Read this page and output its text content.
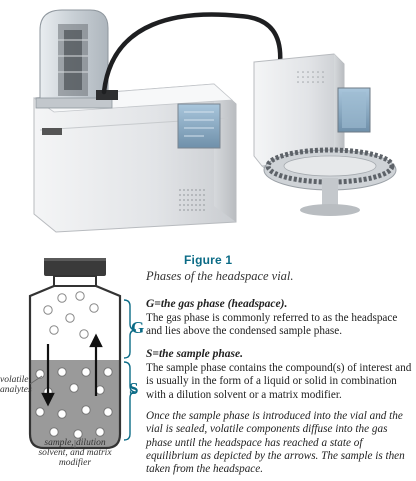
G
S
volatile analytes
sample, dilution solvent, and matrix modifier
Figure 1
Phases of the headspace vial.
G=the gas phase (headspace).
The gas phase is commonly referred to as the headspace and lies above the condensed sample phase.
S=the sample phase.
The sample phase contains the compound(s) of interest and is usually in the form of a liquid or solid in combination with a dilution solvent or a matrix modifier.
Once the sample phase is introduced into the vial and the vial is sealed, volatile components diffuse into the gas phase until the headspace has reached a state of equilibrium as depicted by the arrows. The sample is then taken from the headspace.
